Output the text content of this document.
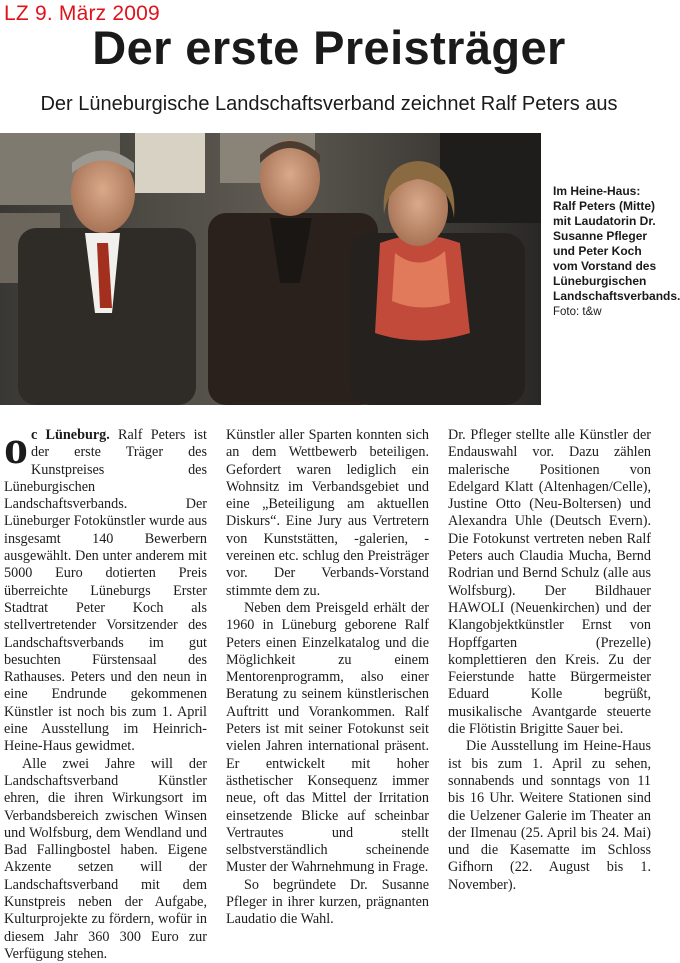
LZ 9. März 2009
Der erste Preisträger
Der Lüneburgische Landschaftsverband zeichnet Ralf Peters aus
Im Heine-Haus: Ralf Peters (Mitte) mit Laudatorin Dr. Susanne Pfleger und Peter Koch vom Vorstand des Lüneburgischen Landschaftsverbands.
Foto: t&w

oc Lüneburg. Ralf Peters ist der erste Träger des Kunstpreises des Lüneburgischen Landschaftsverbands. Der Lüneburger Fotokünstler wurde aus insgesamt 140 Bewerbern ausgewählt. Den unter anderem mit 5000 Euro dotierten Preis überreichte Lüneburgs Erster Stadtrat Peter Koch als stellvertretender Vorsitzender des Landschaftsverbands im gut besuchten Fürstensaal des Rathauses. Peters und den neun in eine Endrunde gekommenen Künstler ist noch bis zum 1. April eine Ausstellung im Heinrich-Heine-Haus gewidmet.

Alle zwei Jahre will der Landschaftsverband Künstler ehren, die ihren Wirkungsort im Verbandsbereich zwischen Winsen und Wolfsburg, dem Wendland und Bad Fallingbostel haben. Eigene Akzente setzen will der Landschaftsverband mit dem Kunstpreis neben der Aufgabe, Kulturprojekte zu fördern, wofür in diesem Jahr 360 300 Euro zur Verfügung stehen.

Künstler aller Sparten konnten sich an dem Wettbewerb beteiligen. Gefordert waren lediglich ein Wohnsitz im Verbandsgebiet und eine „Beteiligung am aktuellen Diskurs“. Eine Jury aus Vertretern von Kunststätten, -galerien, -vereinen etc. schlug den Preisträger vor. Der Verbands-Vorstand stimmte dem zu.

Neben dem Preisgeld erhält der 1960 in Lüneburg geborene Ralf Peters einen Einzelkatalog und die Möglichkeit zu einem Mentorenprogramm, also einer Beratung zu seinem künstlerischen Auftritt und Vorankommen. Ralf Peters ist mit seiner Fotokunst seit vielen Jahren international präsent. Er entwickelt mit hoher ästhetischer Konsequenz immer neue, oft das Mittel der Irritation einsetzende Blicke auf scheinbar Vertrautes und stellt selbstverständlich scheinende Muster der Wahrnehmung in Frage.

So begründete Dr. Susanne Pfleger in ihrer kurzen, prägnanten Laudatio die Wahl.

Dr. Pfleger stellte alle Künstler der Endauswahl vor. Dazu zählen malerische Positionen von Edelgard Klatt (Altenhagen/Celle), Justine Otto (Neu-Boltersen) und Alexandra Uhle (Deutsch Evern). Die Fotokunst vertreten neben Ralf Peters auch Claudia Mucha, Bernd Rodrian und Bernd Schulz (alle aus Wolfsburg). Der Bildhauer HAWOLI (Neuenkirchen) und der Klangobjektkünstler Ernst von Hopffgarten (Prezelle) komplettieren den Kreis. Zu der Feierstunde hatte Bürgermeister Eduard Kolle begrüßt, musikalische Avantgarde steuerte die Flötistin Brigitte Sauer bei.

Die Ausstellung im Heine-Haus ist bis zum 1. April zu sehen, sonnabends und sonntags von 11 bis 16 Uhr. Weitere Stationen sind die Uelzener Galerie im Theater an der Ilmenau (25. April bis 24. Mai) und die Kasematte im Schloss Gifhorn (22. August bis 1. November).
